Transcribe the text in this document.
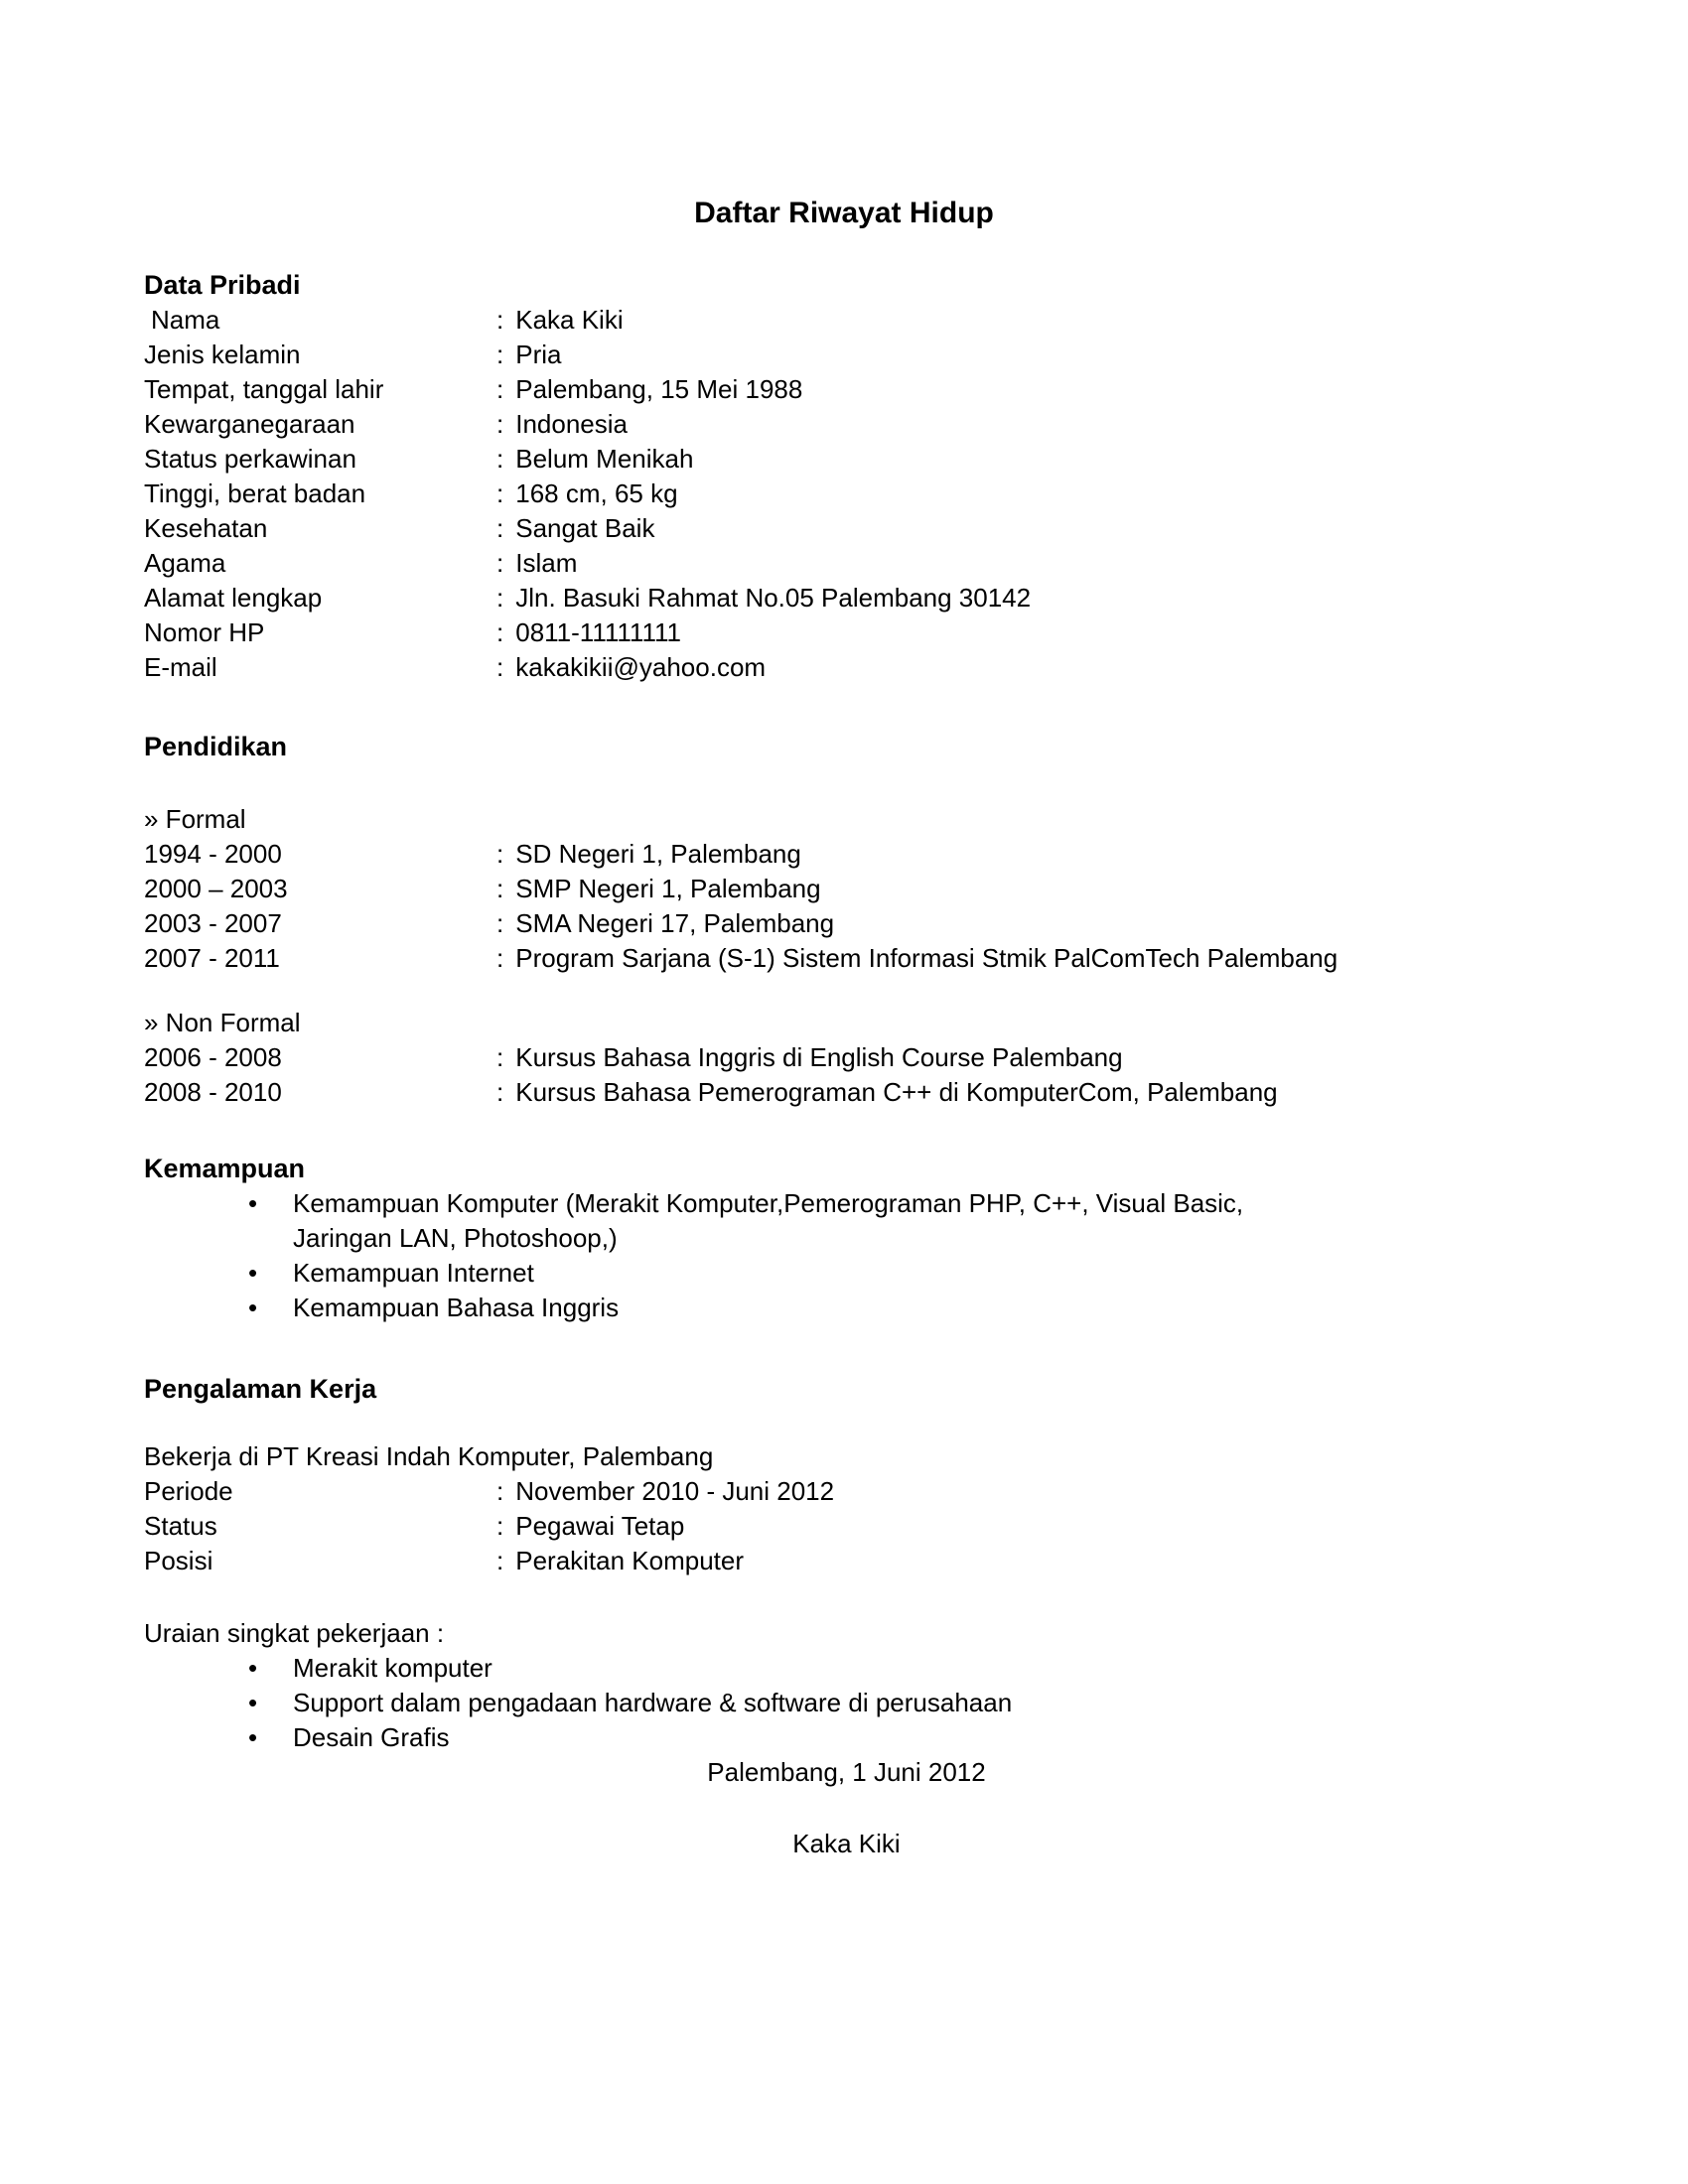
Daftar Riwayat Hidup
Data Pribadi
Nama	: Kaka Kiki
Jenis kelamin	: Pria
Tempat, tanggal lahir	: Palembang, 15 Mei 1988
Kewarganegaraan	: Indonesia
Status perkawinan	: Belum Menikah
Tinggi, berat badan	: 168 cm, 65 kg
Kesehatan	: Sangat Baik
Agama	: Islam
Alamat lengkap	: Jln. Basuki Rahmat No.05 Palembang 30142
Nomor HP	: 0811-11111111
E-mail	: kakakikii@yahoo.com
Pendidikan
» Formal
1994 - 2000	: SD Negeri 1, Palembang
2000 – 2003	: SMP Negeri 1, Palembang
2003 - 2007	: SMA Negeri 17, Palembang
2007 - 2011	: Program Sarjana (S-1) Sistem Informasi Stmik PalComTech Palembang
» Non Formal
2006 - 2008	: Kursus Bahasa Inggris di English Course Palembang
2008 - 2010	: Kursus Bahasa Pemerograman C++ di KomputerCom, Palembang
Kemampuan
•	Kemampuan Komputer (Merakit Komputer,Pemerograman PHP, C++, Visual Basic,
Jaringan LAN, Photoshoop,)
•	Kemampuan Internet
•	Kemampuan Bahasa Inggris
Pengalaman Kerja
Bekerja di PT Kreasi Indah Komputer, Palembang
Periode	: November 2010 - Juni 2012
Status	: Pegawai Tetap
Posisi	: Perakitan Komputer
Uraian singkat pekerjaan :
•	Merakit komputer
•	Support dalam pengadaan hardware & software di perusahaan
•	Desain Grafis
Palembang, 1 Juni 2012
Kaka Kiki
